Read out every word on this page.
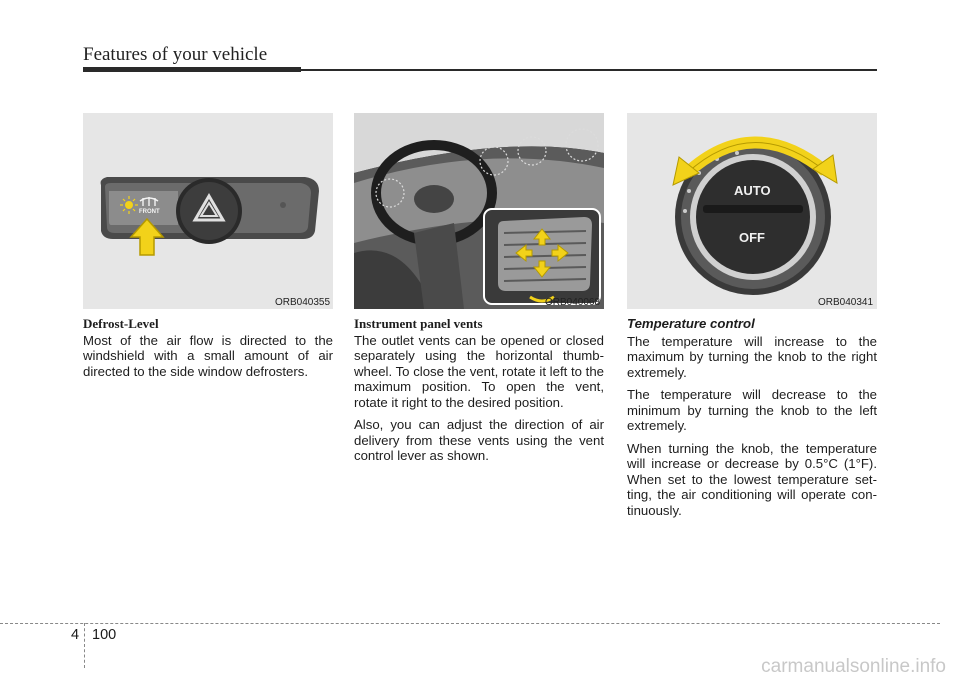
Features of your vehicle
FRONT
ORB040355	ORB040068
AUTO
OFF
ORB040341
Defrost-Level

Most of the air flow is directed to the windshield with a small amount of air directed to the side window defrosters.

Instrument panel vents

The outlet vents can be opened or closed separately using the horizontal thumb-wheel. To close the vent, rotate it left to the maximum position. To open the vent, rotate it right to the desired position.

Also, you can adjust the direction of air delivery from these vents using the vent control lever as shown.

Temperature control

The temperature will increase to the maximum by turning the knob to the right extremely.

The temperature will decrease to the minimum by turning the knob to the left extremely.

When turning the knob, the temperature will increase or decrease by 0.5°C (1°F). When set to the lowest temperature set-ting, the air conditioning will operate con-tinuously.

4 100
carmanualsonline.info
